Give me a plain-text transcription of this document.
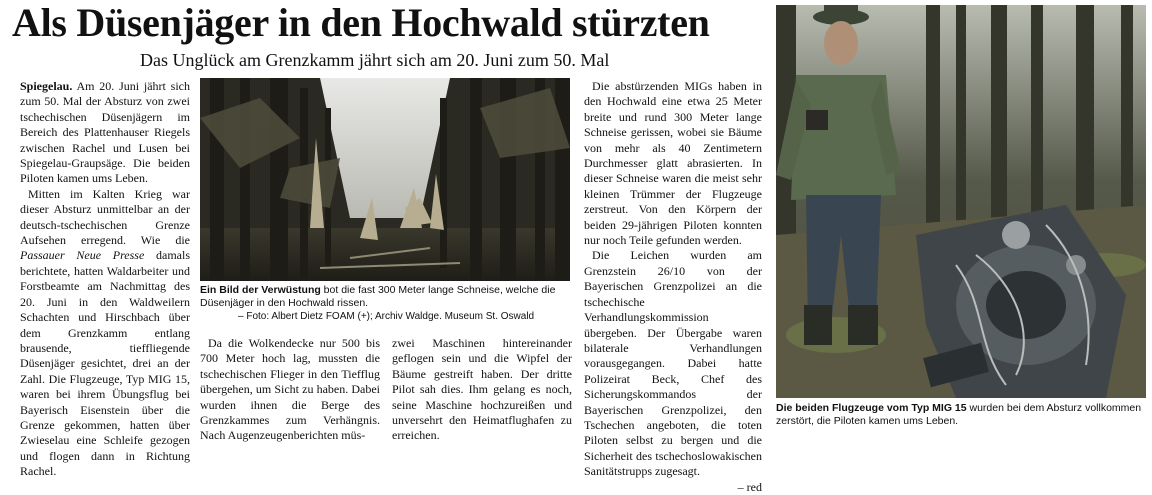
Als Düsenjäger in den Hochwald stürzten
Das Unglück am Grenzkamm jährt sich am 20. Juni zum 50. Mal

Spiegelau. Am 20. Juni jährt sich zum 50. Mal der Absturz von zwei tschechischen Düsenjägern im Bereich des Plattenhauser Riegels zwischen Rachel und Lusen bei Spiegelau-Graupsäge. Die beiden Piloten kamen ums Leben.

Mitten im Kalten Krieg war dieser Absturz unmittelbar an der deutsch-tschechischen Grenze Aufsehen erregend. Wie die Passauer Neue Presse damals berichtete, hatten Waldarbeiter und Forstbeamte am Nachmittag des 20. Juni in den Waldweilern Schachten und Hirschbach über dem Grenzkamm entlang brausende, tieffliegende Düsenjäger gesichtet, drei an der Zahl. Die Flugzeuge, Typ MIG 15, waren bei ihrem Übungsflug bei Bayerisch Eisenstein über die Grenze gekommen, hatten über Zwieselau eine Schleife gezogen und flogen dann in Richtung Rachel.

Ein Bild der Verwüstung bot die fast 300 Meter lange Schneise, welche die Düsenjäger in den Hochwald rissen.
– Foto: Albert Dietz FOAM (+); Archiv Waldge. Museum St. Oswald

Da die Wolkendecke nur 500 bis 700 Meter hoch lag, mussten die tschechischen Flieger in den Tiefflug übergehen, um Sicht zu haben. Dabei wurden ihnen die Berge des Grenzkammes zum Verhängnis. Nach Augenzeugenberichten müs-

zwei Maschinen hintereinander geflogen sein und die Wipfel der Bäume gestreift haben. Der dritte Pilot sah dies. Ihm gelang es noch, seine Maschine hochzureißen und unversehrt den Heimatflughafen zu erreichen.

Die abstürzenden MIGs haben in den Hochwald eine etwa 25 Meter breite und rund 300 Meter lange Schneise gerissen, wobei sie Bäume von mehr als 40 Zentimetern Durchmesser glatt abrasierten. In dieser Schneise waren die meist sehr kleinen Trümmer der Flugzeuge zerstreut. Von den Körpern der beiden 29-jährigen Piloten konnten nur noch Teile gefunden werden.

Die Leichen wurden am Grenzstein 26/10 von der Bayerischen Grenzpolizei an die tschechische Verhandlungskommission übergeben. Der Übergabe waren bilaterale Verhandlungen vorausgegangen. Dabei hatte Polizeirat Beck, Chef des Sicherungskommandos der Bayerischen Grenzpolizei, den Tschechen angeboten, die toten Piloten selbst zu bergen und die Sicherheit des tschechoslowakischen Sanitätstrupps zugesagt.

– red
Die beiden Flugzeuge vom Typ MIG 15 wurden bei dem Absturz vollkommen zerstört, die Piloten kamen ums Leben.
